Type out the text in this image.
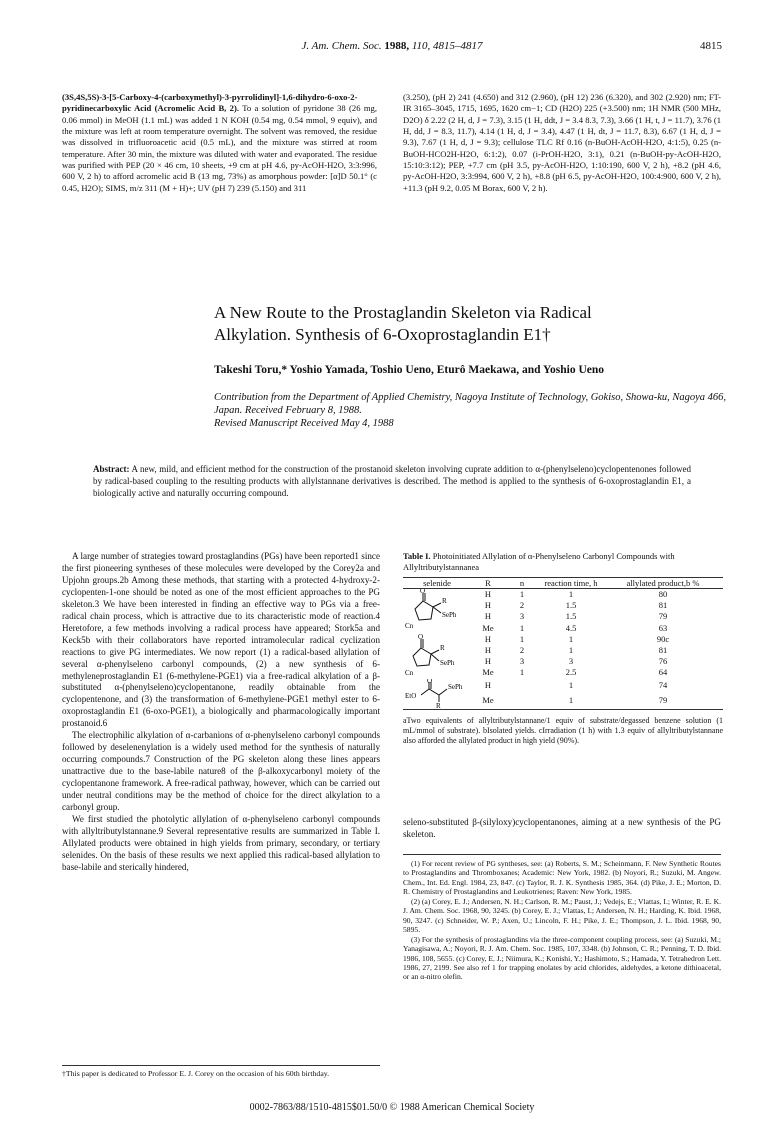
J. Am. Chem. Soc. 1988, 110, 4815–4817	4815
(3S,4S,5S)-3-[5-Carboxy-4-(carboxymethyl)-3-pyrrolidinyl]-1,6-dihydro-6-oxo-2-pyridinecarboxylic Acid (Acromelic Acid B, 2). To a solution of pyridone 38 (26 mg, 0.06 mmol) in MeOH (1.1 mL) was added 1 N KOH (0.54 mg, 0.54 mmol, 9 equiv), and the mixture was left at room temperature overnight. The solvent was removed, the residue was dissolved in trifluoroacetic acid (0.5 mL), and the mixture was stirred at room temperature. After 30 min, the mixture was diluted with water and evaporated. The residue was purified with PEP (20 × 46 cm, 10 sheets, +9 cm at pH 4.6, py-AcOH-H2O, 3:3:996, 600 V, 2 h) to afford acromelic acid B (13 mg, 73%) as amorphous powder: [α]D 50.1° (c 0.45, H2O); SIMS, m/z 311 (M + H)+; UV (pH 7) 239 (5.150) and 311
(3.250), (pH 2) 241 (4.650) and 312 (2.960), (pH 12) 236 (6.320), and 302 (2.920) nm; FT-IR 3165–3045, 1715, 1695, 1620 cm−1; CD (H2O) 225 (+3.500) nm; 1H NMR (500 MHz, D2O) δ 2.22 (2 H, d, J = 7.3), 3.15 (1 H, ddt, J = 3.4 8.3, 7.3), 3.66 (1 H, t, J = 11.7), 3.76 (1 H, dd, J = 8.3, 11.7), 4.14 (1 H, d, J = 3.4), 4.47 (1 H, dt, J = 11.7, 8.3), 6.67 (1 H, d, J = 9.3), 7.67 (1 H, d, J = 9.3); cellulose TLC Rf 0.16 (n-BuOH-AcOH-H2O, 4:1:5), 0.25 (n-BuOH-HCO2H-H2O, 6:1:2), 0.07 (i-PrOH-H2O, 3:1), 0.21 (n-BuOH-py-AcOH-H2O, 15:10:3:12); PEP, +7.7 cm (pH 3.5, py-AcOH-H2O, 1:10:190, 600 V, 2 h), +8.2 (pH 4.6, py-AcOH-H2O, 3:3:994, 600 V, 2 h), +8.8 (pH 6.5, py-AcOH-H2O, 100:4:900, 600 V, 2 h), +11.3 (pH 9.2, 0.05 M Borax, 600 V, 2 h).
A New Route to the Prostaglandin Skeleton via Radical
Alkylation. Synthesis of 6-Oxoprostaglandin E1†
Takeshi Toru,* Yoshio Yamada, Toshio Ueno, Eturô Maekawa, and Yoshio Ueno
Contribution from the Department of Applied Chemistry, Nagoya Institute of Technology, Gokiso, Showa-ku, Nagoya 466, Japan. Received February 8, 1988.
Revised Manuscript Received May 4, 1988
Abstract: A new, mild, and efficient method for the construction of the prostanoid skeleton involving cuprate addition to α-(phenylseleno)cyclopentenones followed by radical-based coupling to the resulting products with allylstannane derivatives is described. The method is applied to the synthesis of 6-oxoprostaglandin E1, a biologically active and naturally occurring compound.

A large number of strategies toward prostaglandins (PGs) have been reported1 since the first pioneering syntheses of these molecules were developed by the Corey2a and Upjohn groups.2b Among these methods, that starting with a protected 4-hydroxy-2-cyclopenten-1-one should be noted as one of the most efficient approaches to the PG skeleton.3 We have been interested in finding an effective way to PGs via a free-radical chain process, which is attractive due to its characteristic mode of reaction.4 Heretofore, a few methods involving a radical process have appeared; Stork5a and Keck5b with their collaborators have reported intramolecular radical cyclization reactions to give PG intermediates. We now report (1) a radical-based allylation of several α-phenylseleno carbonyl compounds, (2) a new synthesis of 6-methyleneprostaglandin E1 (6-methylene-PGE1) via a free-radical alkylation of a β-substituted α-(phenylseleno)cyclopentanone, readily obtainable from the cyclopentenone, and (3) the transformation of 6-methylene-PGE1 methyl ester to 6-oxoprostaglandin E1 (6-oxo-PGE1), a biologically and pharmacologically important prostanoid.6

The electrophilic alkylation of α-carbanions of α-phenylseleno carbonyl compounds followed by deselenenylation is a widely used method for the synthesis of naturally occurring compounds.7 Construction of the PG skeleton along these lines appears unattractive due to the base-labile nature8 of the β-alkoxycarbonyl moiety of the cyclopentanone framework. A free-radical pathway, however, which can be carried out under neutral conditions may be the method of choice for the direct alkylation to a carbonyl group.

We first studied the photolytic allylation of α-phenylseleno carbonyl compounds with allyltributylstannane.9 Several representative results are summarized in Table I. Allylated products were obtained in high yields from primary, secondary, or tertiary selenides. On the basis of these results we next applied this radical-based allylation to base-labile and sterically hindered,

†This paper is dedicated to Professor E. J. Corey on the occasion of his 60th birthday.
Table I. Photoinitiated Allylation of α-Phenylseleno Carbonyl Compounds with Allyltributylstannanea
selenide	R	n	reaction time, h	allylated product,b %

O
R
SePh
Cn	H	1	1	80
	H	2	1.5	81
	H	3	1.5	79
	Me	1	4.5	63

O
R
SePh
Cn	H	1	1	90c
	H	2	1	81
	H	3	3	76
	Me	1	2.5	64

O
SePh
EtO
R	H		1	74
	Me		1	79

aTwo equivalents of allyltributylstannane/1 equiv of substrate/degassed benzene solution (1 mL/mmol of substrate). bIsolated yields. cIrradiation (1 h) with 1.3 equiv of allyltributylstannane also afforded the allylated product in high yield (90%).
seleno-substituted β-(silyloxy)cyclopentanones, aiming at a new synthesis of the PG skeleton.

(1) For recent review of PG syntheses, see: (a) Roberts, S. M.; Scheinmann, F. New Synthetic Routes to Prostaglandins and Thromboxanes; Academic: New York, 1982. (b) Noyori, R.; Suzuki, M. Angew. Chem., Int. Ed. Engl. 1984, 23, 847. (c) Taylor, R. J. K. Synthesis 1985, 364. (d) Pike, J. E.; Morton, D. R. Chemistry of Prostaglandins and Leukotrienes; Raven: New York, 1985.

(2) (a) Corey, E. J.; Andersen, N. H.; Carlson, R. M.; Paust, J.; Vedejs, E.; Vlattas, I.; Winter, R. E. K. J. Am. Chem. Soc. 1968, 90, 3245. (b) Corey, E. J.; Vlattas, I.; Andersen, N. H.; Harding, K. Ibid. 1968, 90, 3247. (c) Schneider, W. P.; Axen, U.; Lincoln, F. H.; Pike, J. E.; Thompson, J. L. Ibid. 1968, 90, 5895.

(3) For the synthesis of prostaglandins via the three-component coupling process, see: (a) Suzuki, M.; Yanagisawa, A.; Noyori, R. J. Am. Chem. Soc. 1985, 107, 3348. (b) Johnson, C. R.; Penning, T. D. Ibid. 1986, 108, 5655. (c) Corey, E. J.; Niimura, K.; Konishi, Y.; Hashimoto, S.; Hamada, Y. Tetrahedron Lett. 1986, 27, 2199. See also ref 1 for trapping enolates by acid chlorides, aldehydes, a ketone dithioacetal, or an α-nitro olefin.

0002-7863/88/1510-4815$01.50/0 © 1988 American Chemical Society
